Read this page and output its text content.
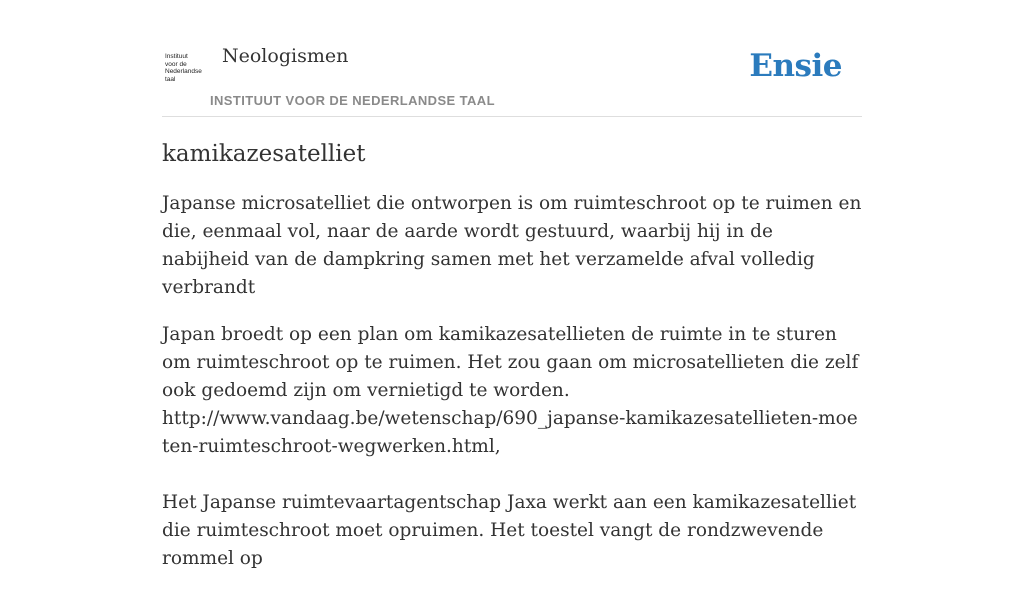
Instituut
voor de
Nederlandse
taal
Neologismen
INSTITUUT VOOR DE NEDERLANDSE TAAL
Ensie
kamikazesatelliet

Japanse microsatelliet die ontworpen is om ruimteschroot op te ruimen en die, eenmaal vol, naar de aarde wordt gestuurd, waarbij hij in de nabijheid van de dampkring samen met het verzamelde afval volledig verbrandt

Japan broedt op een plan om kamikazesatellieten de ruimte in te sturen om ruimteschroot op te ruimen. Het zou gaan om microsatellieten die zelf ook gedoemd zijn om vernietigd te worden.
http://www.vandaag.be/wetenschap/690_japanse-kamikazesatellieten-moeten-ruimteschroot-wegwerken.html,

Het Japanse ruimtevaartagentschap Jaxa werkt aan een kamikazesatelliet die ruimteschroot moet opruimen. Het toestel vangt de rondzwevende rommel op
